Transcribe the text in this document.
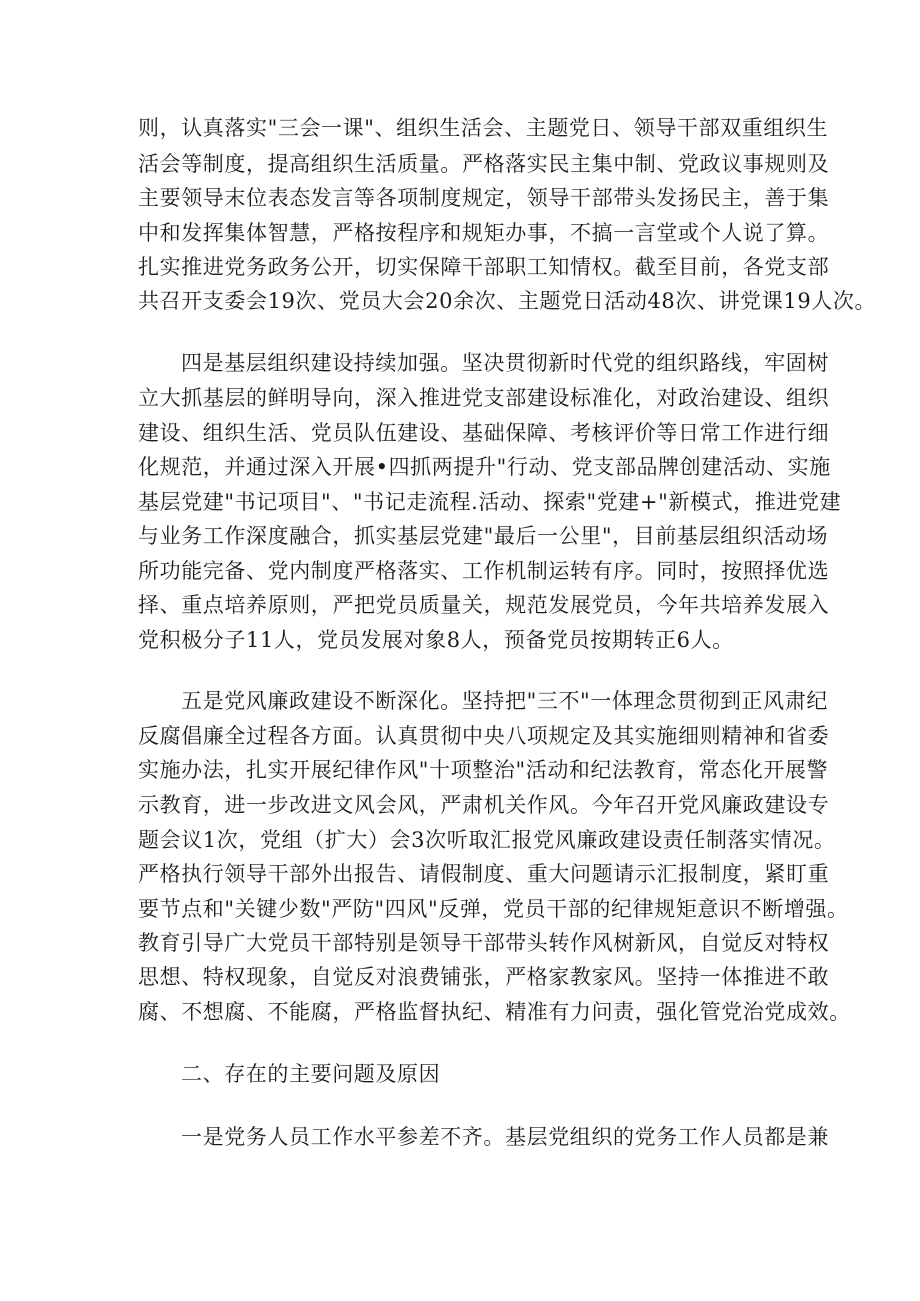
则，认真落实"三会一课"、组织生活会、主题党日、领导干部双重组织生
活会等制度，提高组织生活质量。严格落实民主集中制、党政议事规则及
主要领导末位表态发言等各项制度规定，领导干部带头发扬民主，善于集
中和发挥集体智慧，严格按程序和规矩办事，不搞一言堂或个人说了算。
扎实推进党务政务公开，切实保障干部职工知情权。截至目前，各党支部
共召开支委会19次、党员大会20余次、主题党日活动48次、讲党课19人次。
四是基层组织建设持续加强。坚决贯彻新时代党的组织路线，牢固树
立大抓基层的鲜明导向，深入推进党支部建设标准化，对政治建设、组织
建设、组织生活、党员队伍建设、基础保障、考核评价等日常工作进行细
化规范，并通过深入开展•四抓两提升"行动、党支部品牌创建活动、实施
基层党建"书记项目"、"书记走流程.活动、探索"党建+"新模式，推进党建
与业务工作深度融合，抓实基层党建"最后一公里"，目前基层组织活动场
所功能完备、党内制度严格落实、工作机制运转有序。同时，按照择优选
择、重点培养原则，严把党员质量关，规范发展党员，今年共培养发展入
党积极分子11人，党员发展对象8人，预备党员按期转正6人。
五是党风廉政建设不断深化。坚持把"三不"一体理念贯彻到正风肃纪
反腐倡廉全过程各方面。认真贯彻中央八项规定及其实施细则精神和省委
实施办法，扎实开展纪律作风"十项整治"活动和纪法教育，常态化开展警
示教育，进一步改进文风会风，严肃机关作风。今年召开党风廉政建设专
题会议1次，党组（扩大）会3次听取汇报党风廉政建设责任制落实情况。
严格执行领导干部外出报告、请假制度、重大问题请示汇报制度，紧盯重
要节点和"关键少数"严防"四风"反弹，党员干部的纪律规矩意识不断增强。
教育引导广大党员干部特别是领导干部带头转作风树新风，自觉反对特权
思想、特权现象，自觉反对浪费铺张，严格家教家风。坚持一体推进不敢
腐、不想腐、不能腐，严格监督执纪、精准有力问责，强化管党治党成效。
二、存在的主要问题及原因
一是党务人员工作水平参差不齐。基层党组织的党务工作人员都是兼
